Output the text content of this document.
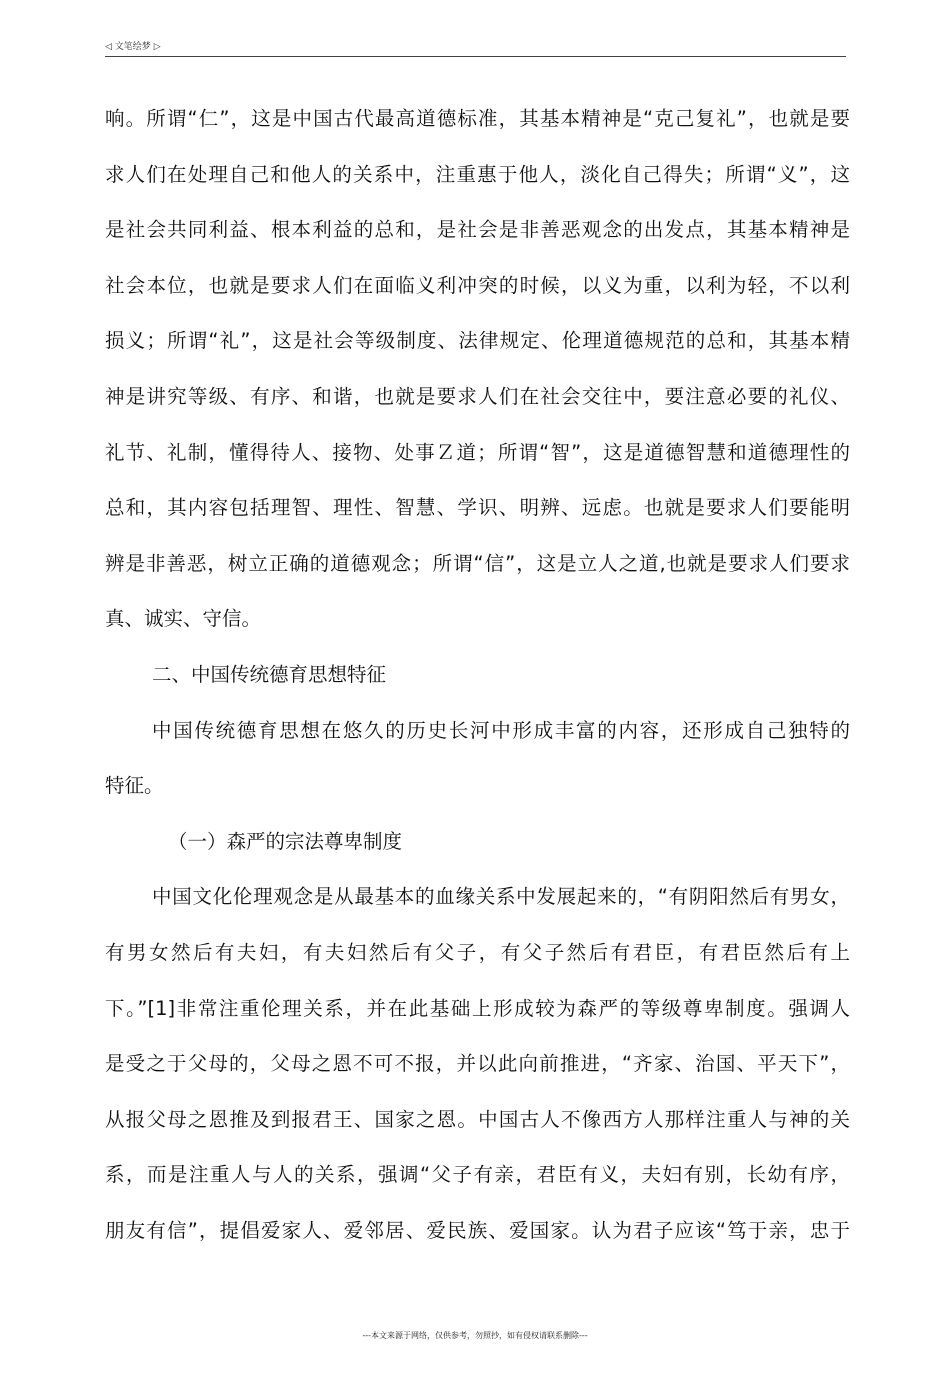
◁ 文笔绘梦 ▷
响。所谓“仁”，这是中国古代最高道德标准，其基本精神是“克己复礼”，也就是要
求人们在处理自己和他人的关系中，注重惠于他人，淡化自己得失；所谓“义”，这
是社会共同利益、根本利益的总和，是社会是非善恶观念的出发点，其基本精神是
社会本位，也就是要求人们在面临义利冲突的时候，以义为重，以利为轻，不以利
损义；所谓“礼”，这是社会等级制度、法律规定、伦理道德规范的总和，其基本精
神是讲究等级、有序、和谐，也就是要求人们在社会交往中，要注意必要的礼仪、
礼节、礼制，懂得待人、接物、处事Ｚ道；所谓“智”，这是道德智慧和道德理性的
总和，其内容包括理智、理性、智慧、学识、明辨、远虑。也就是要求人们要能明
辨是非善恶，树立正确的道德观念；所谓“信”，这是立人之道,也就是要求人们要求
真、诚实、守信。
二、中国传统德育思想特征
中国传统德育思想在悠久的历史长河中形成丰富的内容，还形成自己独特的
特征。
（一）森严的宗法尊卑制度
中国文化伦理观念是从最基本的血缘关系中发展起来的，“有阴阳然后有男女，
有男女然后有夫妇，有夫妇然后有父子，有父子然后有君臣，有君臣然后有上
下。”[1]非常注重伦理关系，并在此基础上形成较为森严的等级尊卑制度。强调人
是受之于父母的，父母之恩不可不报，并以此向前推进，“齐家、治国、平天下”，
从报父母之恩推及到报君王、国家之恩。中国古人不像西方人那样注重人与神的关
系，而是注重人与人的关系，强调“父子有亲，君臣有义，夫妇有别，长幼有序，
朋友有信”，提倡爱家人、爱邻居、爱民族、爱国家。认为君子应该“笃于亲，忠于
---本文来源于网络，仅供参考，勿照抄，如有侵权请联系删除---
